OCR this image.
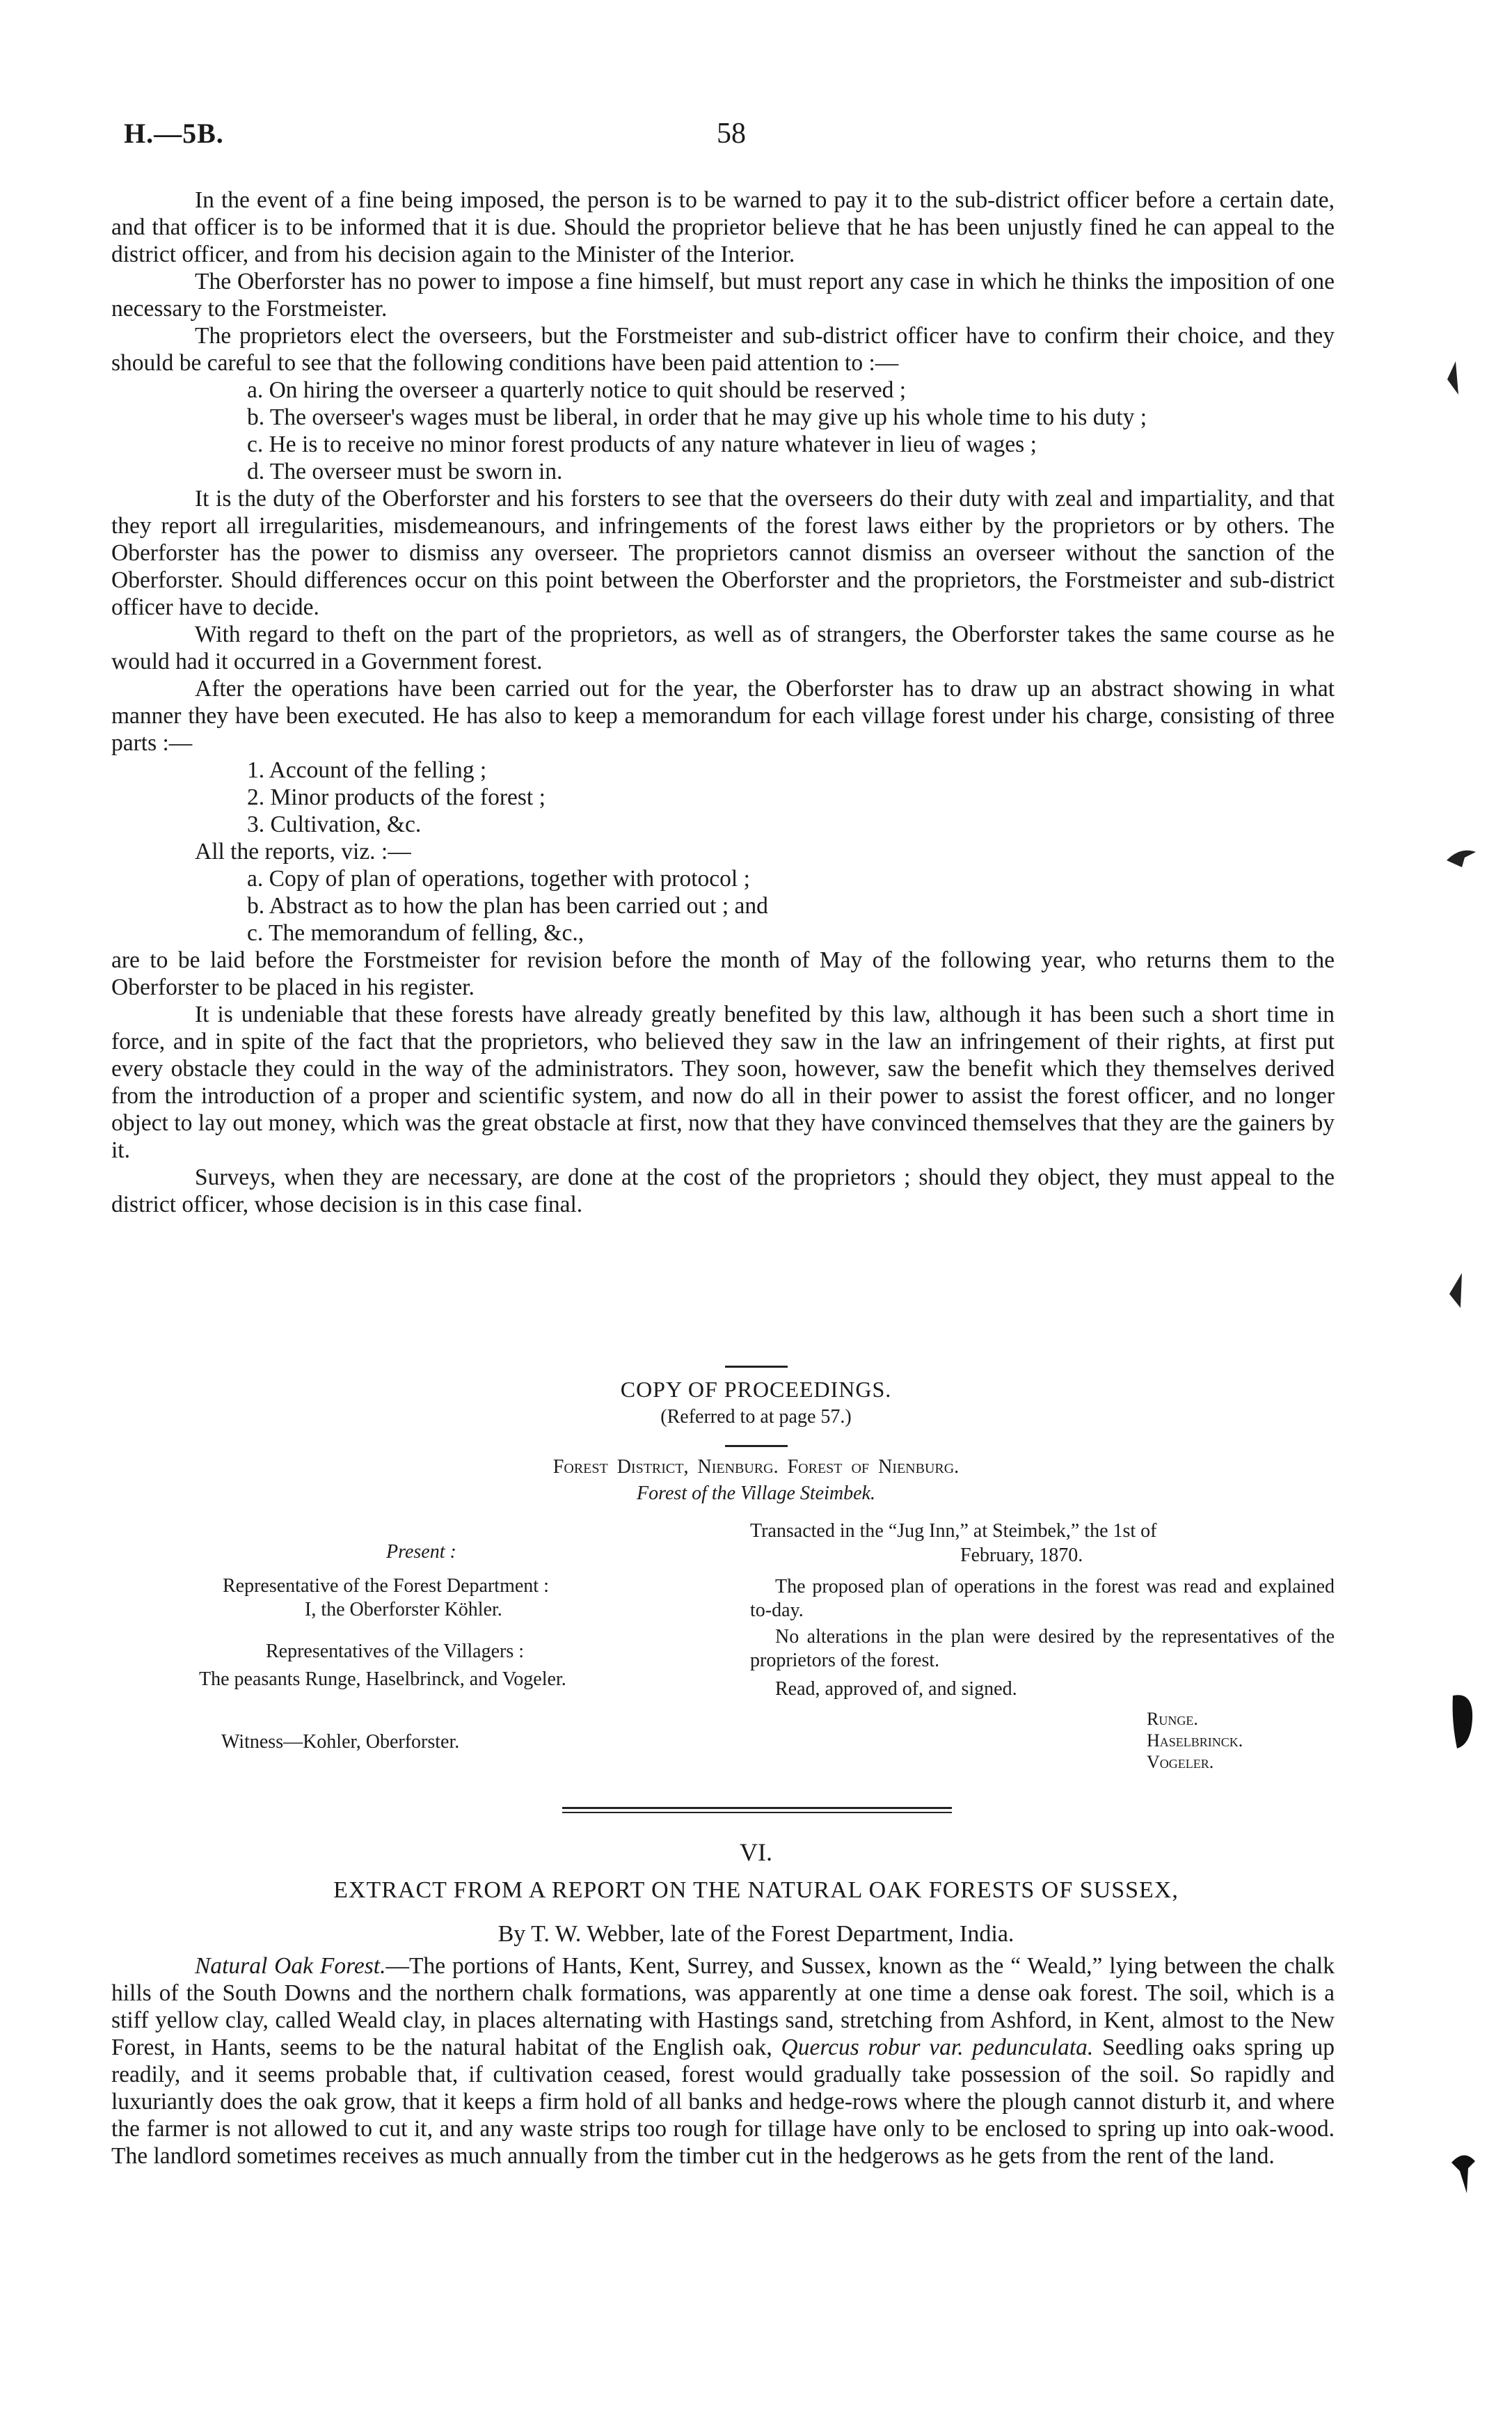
H.—5B.	58

In the event of a fine being imposed, the person is to be warned to pay it to the sub-district officer before a certain date, and that officer is to be informed that it is due. Should the proprietor believe that he has been unjustly fined he can appeal to the district officer, and from his decision again to the Minister of the Interior.

The Oberforster has no power to impose a fine himself, but must report any case in which he thinks the imposition of one necessary to the Forstmeister.

The proprietors elect the overseers, but the Forstmeister and sub-district officer have to confirm their choice, and they should be careful to see that the following conditions have been paid attention to :—

a. On hiring the overseer a quarterly notice to quit should be reserved ;
b. The overseer's wages must be liberal, in order that he may give up his whole time to his duty ;
c. He is to receive no minor forest products of any nature whatever in lieu of wages ;
d. The overseer must be sworn in.

It is the duty of the Oberforster and his forsters to see that the overseers do their duty with zeal and impartiality, and that they report all irregularities, misdemeanours, and infringements of the forest laws either by the proprietors or by others. The Oberforster has the power to dismiss any overseer. The proprietors cannot dismiss an overseer without the sanction of the Oberforster. Should differences occur on this point between the Oberforster and the proprietors, the Forstmeister and sub-district officer have to decide.

With regard to theft on the part of the proprietors, as well as of strangers, the Oberforster takes the same course as he would had it occurred in a Government forest.

After the operations have been carried out for the year, the Oberforster has to draw up an abstract showing in what manner they have been executed. He has also to keep a memorandum for each village forest under his charge, consisting of three parts :—

1. Account of the felling ;
2. Minor products of the forest ;
3. Cultivation, &c.

All the reports, viz. :—

a. Copy of plan of operations, together with protocol ;
b. Abstract as to how the plan has been carried out ; and
c. The memorandum of felling, &c.,

are to be laid before the Forstmeister for revision before the month of May of the following year, who returns them to the Oberforster to be placed in his register.

It is undeniable that these forests have already greatly benefited by this law, although it has been such a short time in force, and in spite of the fact that the proprietors, who believed they saw in the law an infringement of their rights, at first put every obstacle they could in the way of the administrators. They soon, however, saw the benefit which they themselves derived from the introduction of a proper and scientific system, and now do all in their power to assist the forest officer, and no longer object to lay out money, which was the great obstacle at first, now that they have convinced themselves that they are the gainers by it.

Surveys, when they are necessary, are done at the cost of the proprietors ; should they object, they must appeal to the district officer, whose decision is in this case final.

COPY OF PROCEEDINGS.
(Referred to at page 57.)
Forest District, Nienburg. Forest of Nienburg.
Forest of the Village Steimbek.
Present :
Representative of the Forest Department :
I, the Oberforster Köhler.
Representatives of the Villagers :
The peasants Runge, Haselbrinck, and Vogeler.
Witness—Kohler, Oberforster.
Transacted in the “Jug Inn,” at Steimbek,” the 1st of
February, 1870.
The proposed plan of operations in the forest was read and explained to-day.
No alterations in the plan were desired by the representatives of the proprietors of the forest.
Read, approved of, and signed.
Runge.
Haselbrinck.
Vogeler.
VI.
EXTRACT FROM A REPORT ON THE NATURAL OAK FORESTS OF SUSSEX,
By T. W. Webber, late of the Forest Department, India.

Natural Oak Forest.—The portions of Hants, Kent, Surrey, and Sussex, known as the “ Weald,” lying between the chalk hills of the South Downs and the northern chalk formations, was apparently at one time a dense oak forest. The soil, which is a stiff yellow clay, called Weald clay, in places alternating with Hastings sand, stretching from Ashford, in Kent, almost to the New Forest, in Hants, seems to be the natural habitat of the English oak, Quercus robur var. pedunculata. Seedling oaks spring up readily, and it seems probable that, if cultivation ceased, forest would gradually take possession of the soil. So rapidly and luxuriantly does the oak grow, that it keeps a firm hold of all banks and hedge-rows where the plough cannot disturb it, and where the farmer is not allowed to cut it, and any waste strips too rough for tillage have only to be enclosed to spring up into oak-wood. The landlord sometimes receives as much annually from the timber cut in the hedgerows as he gets from the rent of the land.
